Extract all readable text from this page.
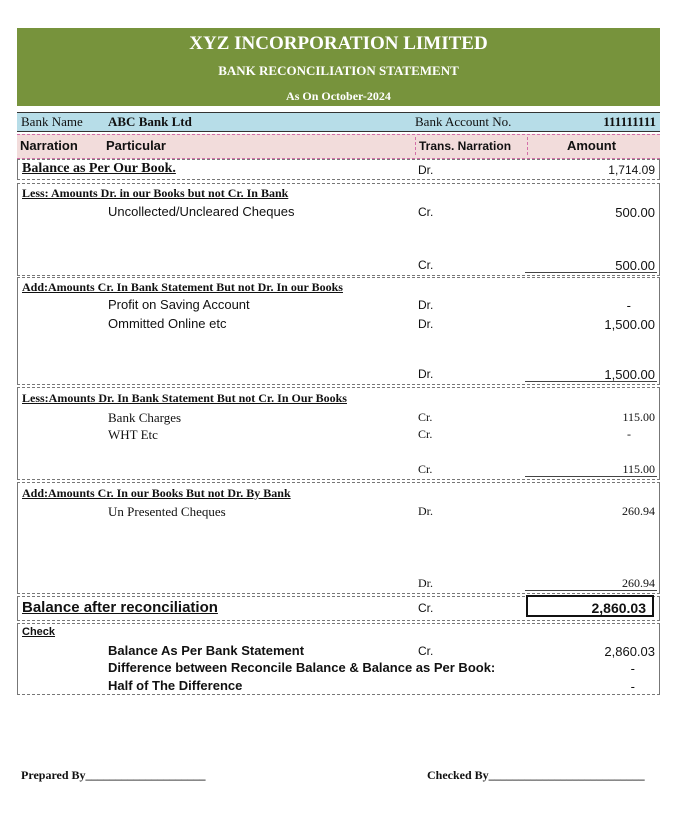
XYZ INCORPORATION LIMITED
BANK RECONCILIATION STATEMENT
As On October-2024
Bank Name ABC Bank Ltd	Bank Account No.	111111111
Narration Particular	Trans. Narration	Amount
Balance as Per Our Book.	Dr.	1,714.09
Less: Amounts Dr. in our Books but not Cr. In Bank
Uncollected/Uncleared Cheques	Cr.	500.00
Cr.	500.00
Add:Amounts Cr. In Bank Statement But not Dr. In our Books
Profit on Saving Account	Dr.	-
Ommitted Online etc	Dr.	1,500.00
Dr.	1,500.00
Less:Amounts Dr. In Bank Statement But not Cr. In Our Books
Bank Charges	Cr.	115.00
WHT Etc	Cr.	-
Cr.	115.00
Add:Amounts Cr. In our Books But not Dr. By Bank
Un Presented Cheques	Dr.	260.94
Dr.	260.94
Balance after reconciliation	Cr.	2,860.03
Check
Balance As Per Bank Statement	Cr.	2,860.03
Difference between Reconcile Balance & Balance as Per Book:	-
Half of The Difference	-
Prepared By____________________	Checked By__________________________
